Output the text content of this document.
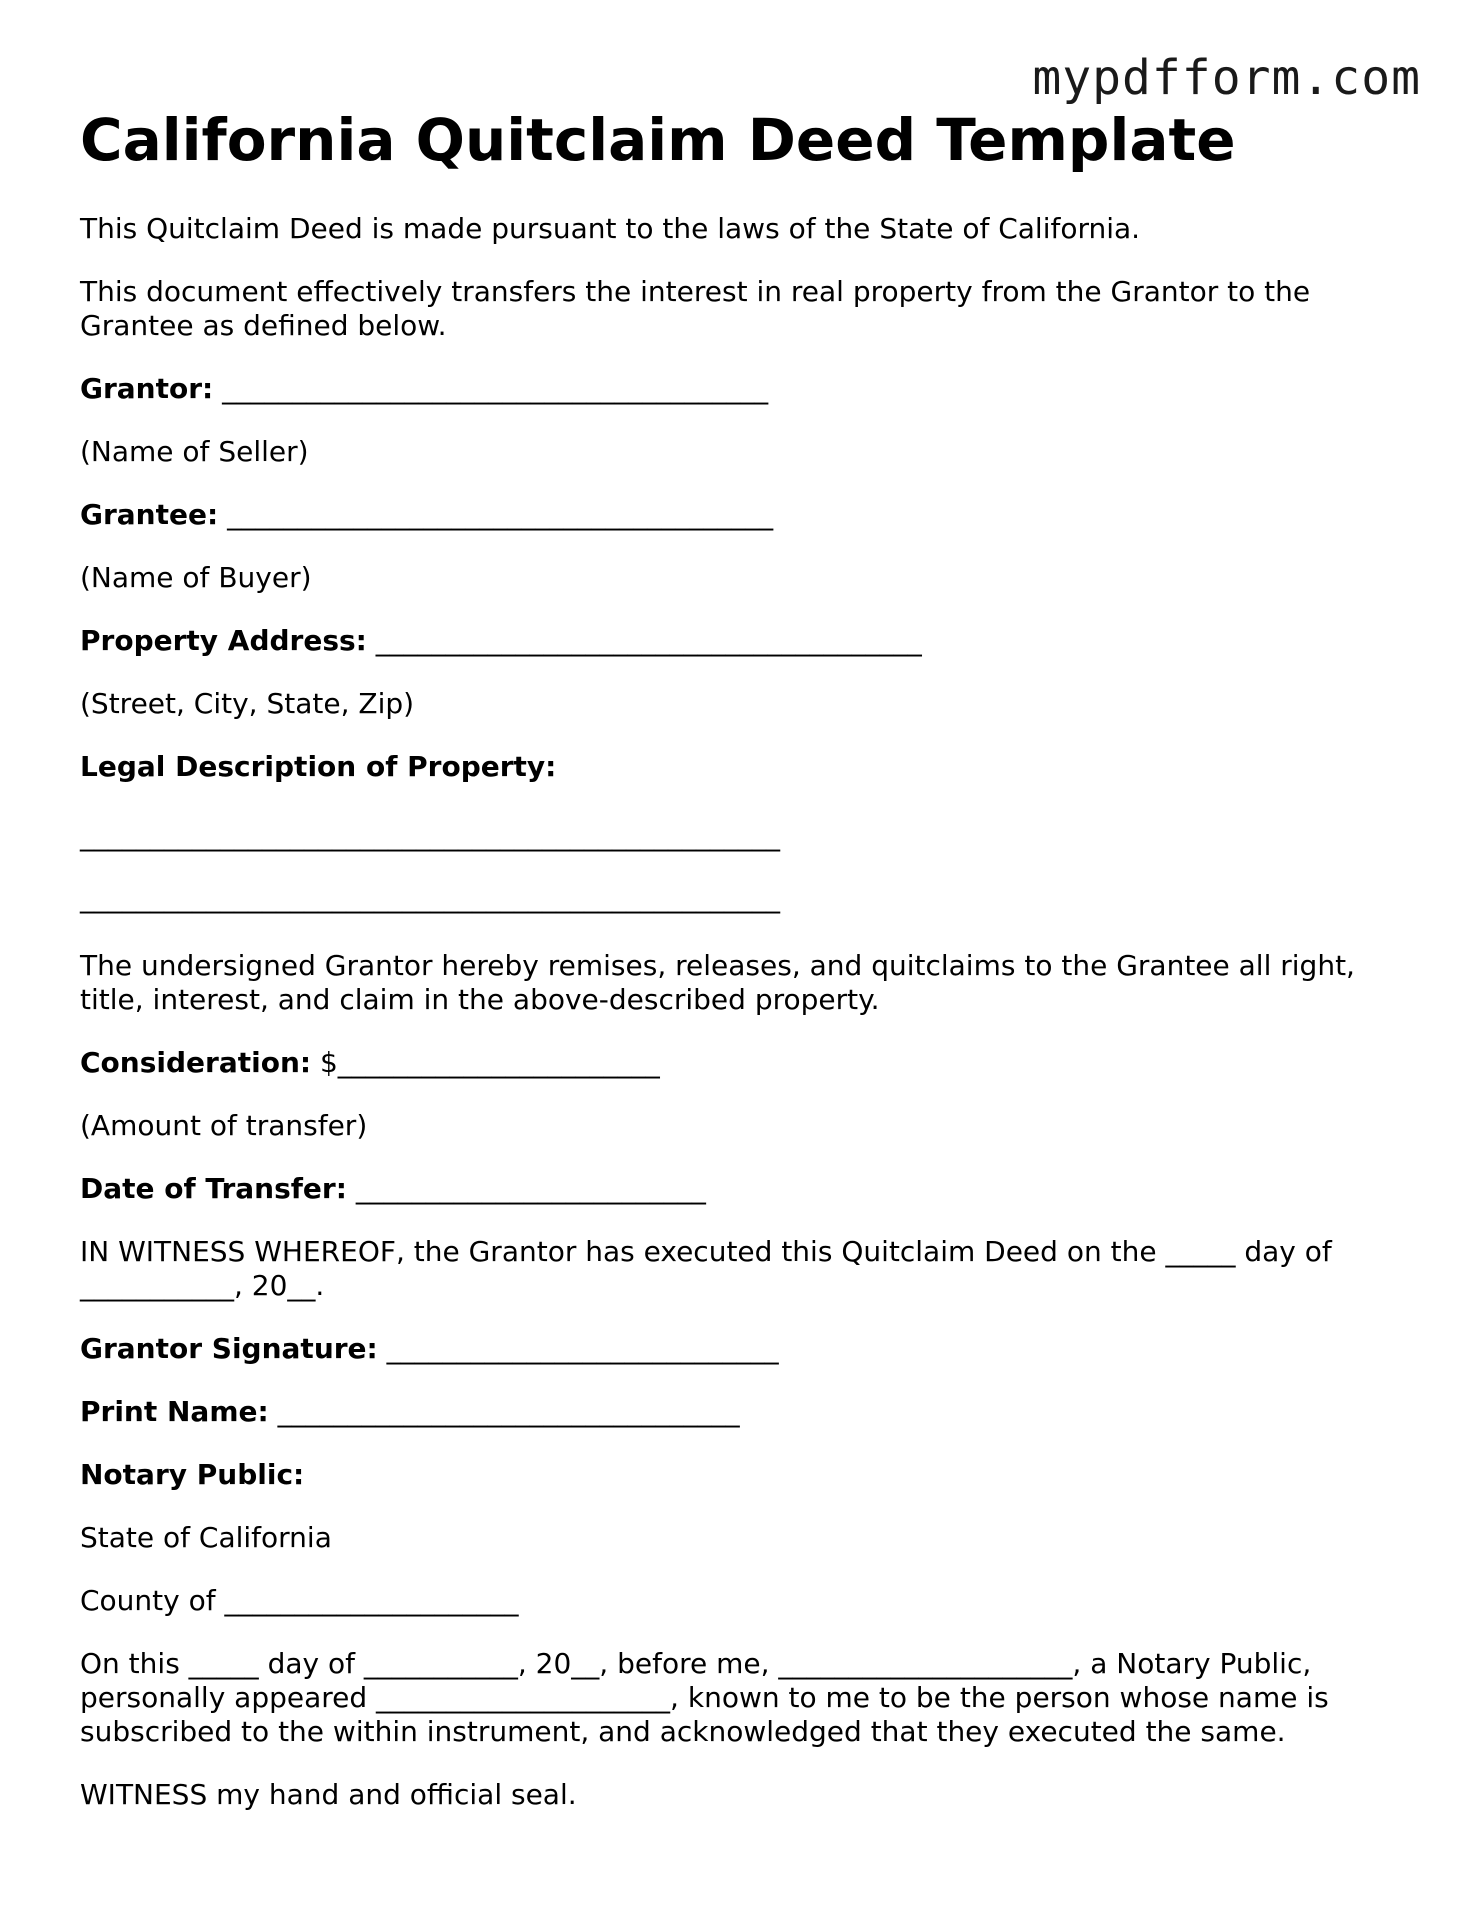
mypdfform.com
California Quitclaim Deed Template

This Quitclaim Deed is made pursuant to the laws of the State of California.

This document effectively transfers the interest in real property from the Grantor to the Grantee as defined below.

Grantor: _______________________________________

(Name of Seller)

Grantee: _______________________________________

(Name of Buyer)

Property Address: _______________________________________

(Street, City, State, Zip)

Legal Description of Property:

__________________________________________________
__________________________________________________

The undersigned Grantor hereby remises, releases, and quitclaims to the Grantee all right, title, interest, and claim in the above-described property.

Consideration: $_______________________

(Amount of transfer)

Date of Transfer: _________________________

IN WITNESS WHEREOF, the Grantor has executed this Quitclaim Deed on the _____ day of ___________, 20__.

Grantor Signature: ____________________________

Print Name: _________________________________

Notary Public:

State of California

County of _____________________

On this _____ day of ___________, 20__, before me, _____________________, a Notary Public, personally appeared _____________________, known to me to be the person whose name is subscribed to the within instrument, and acknowledged that they executed the same.

WITNESS my hand and official seal.
